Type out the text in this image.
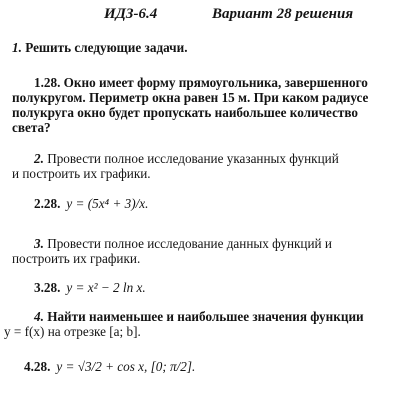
ИДЗ-6.4	Вариант 28 решения
1. Решить следующие задачи.
1.28. Окно имеет форму прямоугольника, завершенного
полукругом. Периметр окна равен 15 м. При каком радиусе
полукруга окно будет пропускать наибольшее количество
света?
2. Провести полное исследование указанных функций
и построить их графики.
2.28. y = (5x⁴ + 3)/x.
3. Провести полное исследование данных функций и
построить их графики.
3.28. y = x² − 2 ln x.
4. Найти наименьшее и наибольшее значения функции
y = f(x) на отрезке [a; b].
4.28. y = √3/2 + cos x, [0; π/2].
